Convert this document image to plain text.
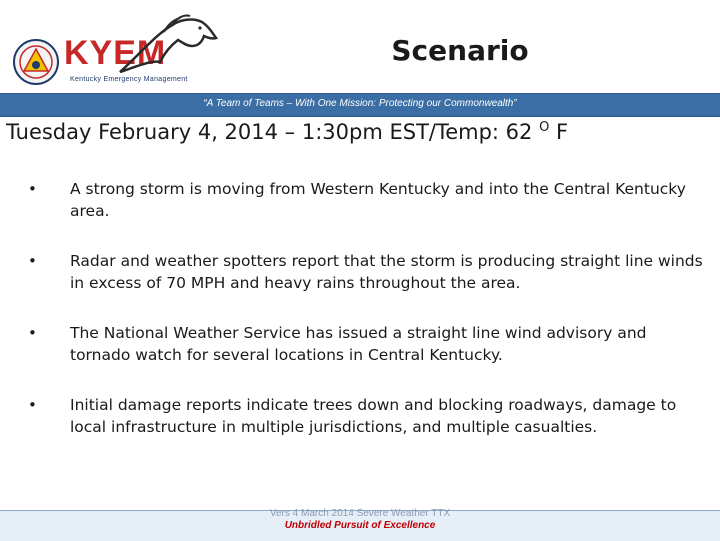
KYEM
Kentucky Emergency Management
Scenario
“A Team of Teams – With One Mission: Protecting our Commonwealth”
Tuesday February 4, 2014 – 1:30pm EST/Temp: 62 $^O$ F
• A strong storm is moving from Western Kentucky and into the Central Kentucky area.
• Radar and weather spotters report that the storm is producing straight line winds in excess of 70 MPH and heavy rains throughout the area.
• The National Weather Service has issued a straight line wind advisory and tornado watch for several locations in Central Kentucky.
• Initial damage reports indicate trees down and blocking roadways, damage to local infrastructure in multiple jurisdictions, and multiple casualties.
Vers 4 March 2014 Severe Weather TTX
Unbridled Pursuit of Excellence
